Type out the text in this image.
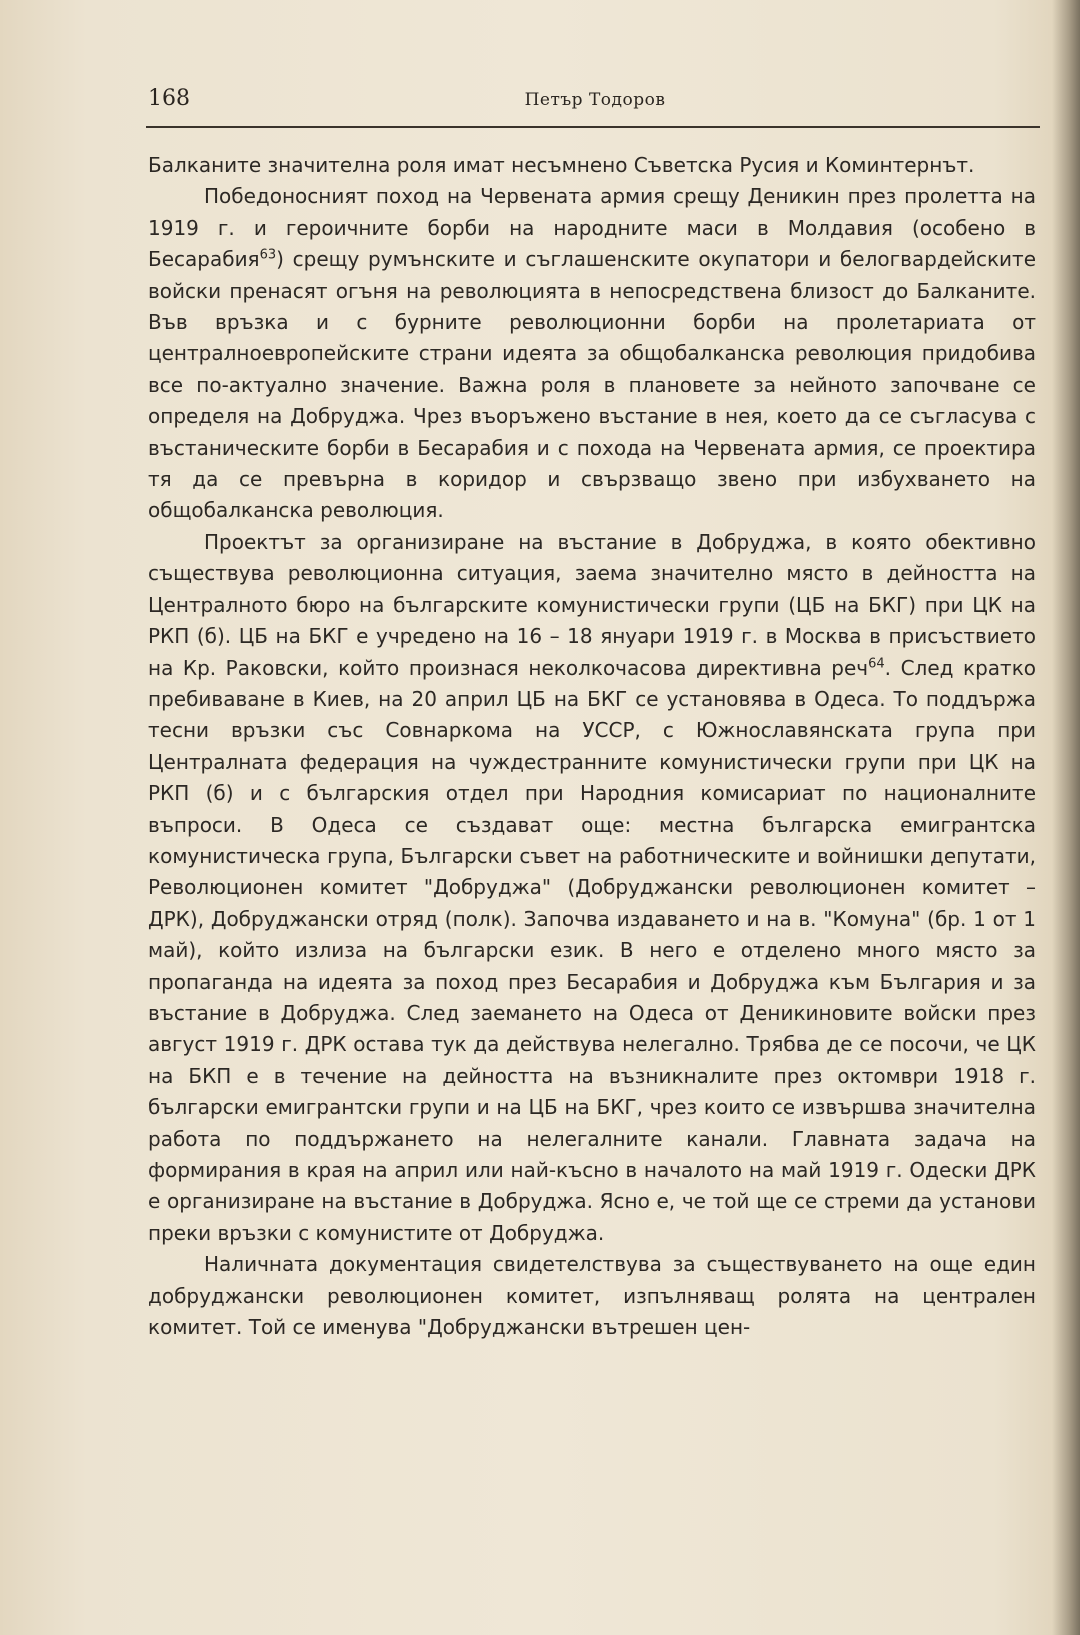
168	Петър Тодоров

Балканите значителна роля имат несъмнено Съветска Русия и Коминтернът.

Победоносният поход на Червената армия срещу Деникин през пролетта на 1919 г. и героичните борби на народните маси в Молдавия (особено в Бесарабия$^{63}$) срещу румънските и съглашенските окупатори и белогвардейските войски пренасят огъня на революцията в непосредствена близост до Балканите. Във връзка и с бурните революционни борби на пролетариата от централноевропейските страни идеята за общобалканска революция придобива все по-актуално значение. Важна роля в плановете за нейното започване се определя на Добруджа. Чрез въоръжено въстание в нея, което да се съгласува с въстаническите борби в Бесарабия и с похода на Червената армия, се проектира тя да се превърна в коридор и свързващо звено при избухването на общобалканска революция.

Проектът за организиране на въстание в Добруджа, в която обективно съществува революционна ситуация, заема значително място в дейността на Централното бюро на българските комунистически групи (ЦБ на БКГ) при ЦК на РКП (б). ЦБ на БКГ е учредено на 16 – 18 януари 1919 г. в Москва в присъствието на Кр. Раковски, който произнася неколкочасова директивна реч$^{64}$. След кратко пребиваване в Киев, на 20 април ЦБ на БКГ се установява в Одеса. То поддържа тесни връзки със Совнаркома на УССР, с Южнославянската група при Централната федерация на чуждестранните комунистически групи при ЦК на РКП (б) и с българския отдел при Народния комисариат по националните въпроси. В Одеса се създават още: местна българска емигрантска комунистическа група, Български съвет на работническите и войнишки депутати, Революционен комитет "Добруджа" (Добруджански революционен комитет – ДРК), Добруджански отряд (полк). Започва издаването и на в. "Комуна" (бр. 1 от 1 май), който излиза на български език. В него е отделено много място за пропаганда на идеята за поход през Бесарабия и Добруджа към България и за въстание в Добруджа. След заемането на Одеса от Деникиновите войски през август 1919 г. ДРК остава тук да действува нелегално. Трябва де се посочи, че ЦК на БКП е в течение на дейността на възникналите през октомври 1918 г. български емигрантски групи и на ЦБ на БКГ, чрез които се извършва значителна работа по поддържането на нелегалните канали. Главната задача на формирания в края на април или най-късно в началото на май 1919 г. Одески ДРК е организиране на въстание в Добруджа. Ясно е, че той ще се стреми да установи преки връзки с комунистите от Добруджа.

Наличната документация свидетелствува за съществуването на още един добруджански революционен комитет, изпълняващ ролята на централен комитет. Той се именува "Добруджански вътрешен цен-
